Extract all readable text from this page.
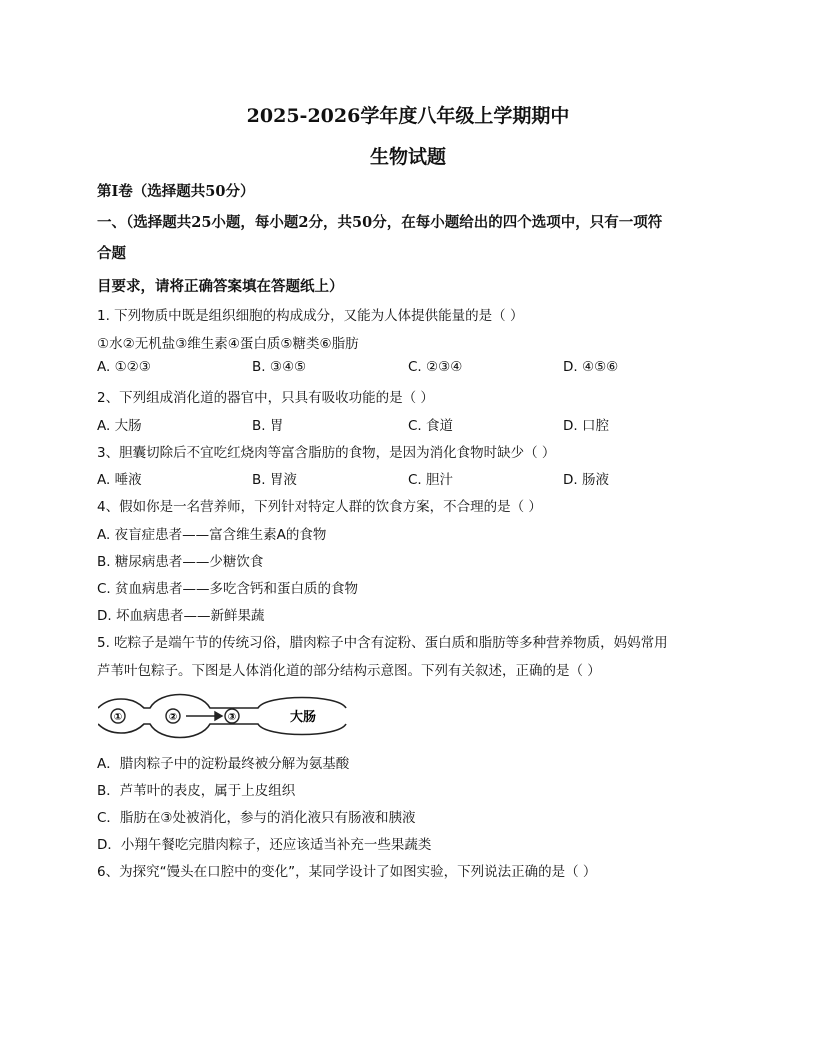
2025-2026学年度八年级上学期期中
生物试题
第Ⅰ卷（选择题共50分）
一、（选择题共25小题，每小题2分，共50分，在每小题给出的四个选项中，只有一项符
合题
目要求，请将正确答案填在答题纸上）
1. 下列物质中既是组织细胞的构成成分，又能为人体提供能量的是（ ）
①水②无机盐③维生素④蛋白质⑤糖类⑥脂肪
A. ①②③	B. ③④⑤	C. ②③④	D. ④⑤⑥
2、下列组成消化道的器官中，只具有吸收功能的是（ ）
A. 大肠	B. 胃	C. 食道	D. 口腔
3、胆囊切除后不宜吃红烧肉等富含脂肪的食物，是因为消化食物时缺少（ ）
A. 唾液	B. 胃液	C. 胆汁	D. 肠液
4、假如你是一名营养师，下列针对特定人群的饮食方案，不合理的是（ ）
A. 夜盲症患者——富含维生素A的食物
B. 糖尿病患者——少糖饮食
C. 贫血病患者——多吃含钙和蛋白质的食物
D. 坏血病患者——新鲜果蔬
5. 吃粽子是端午节的传统习俗，腊肉粽子中含有淀粉、蛋白质和脂肪等多种营养物质，妈妈常用
芦苇叶包粽子。下图是人体消化道的部分结构示意图。下列有关叙述，正确的是（ ）
①	②	③	大肠
A．腊肉粽子中的淀粉最终被分解为氨基酸
B．芦苇叶的表皮，属于上皮组织
C．脂肪在③处被消化，参与的消化液只有肠液和胰液
D．小翔午餐吃完腊肉粽子，还应该适当补充一些果蔬类
6、为探究“馒头在口腔中的变化”，某同学设计了如图实验，下列说法正确的是（ ）
